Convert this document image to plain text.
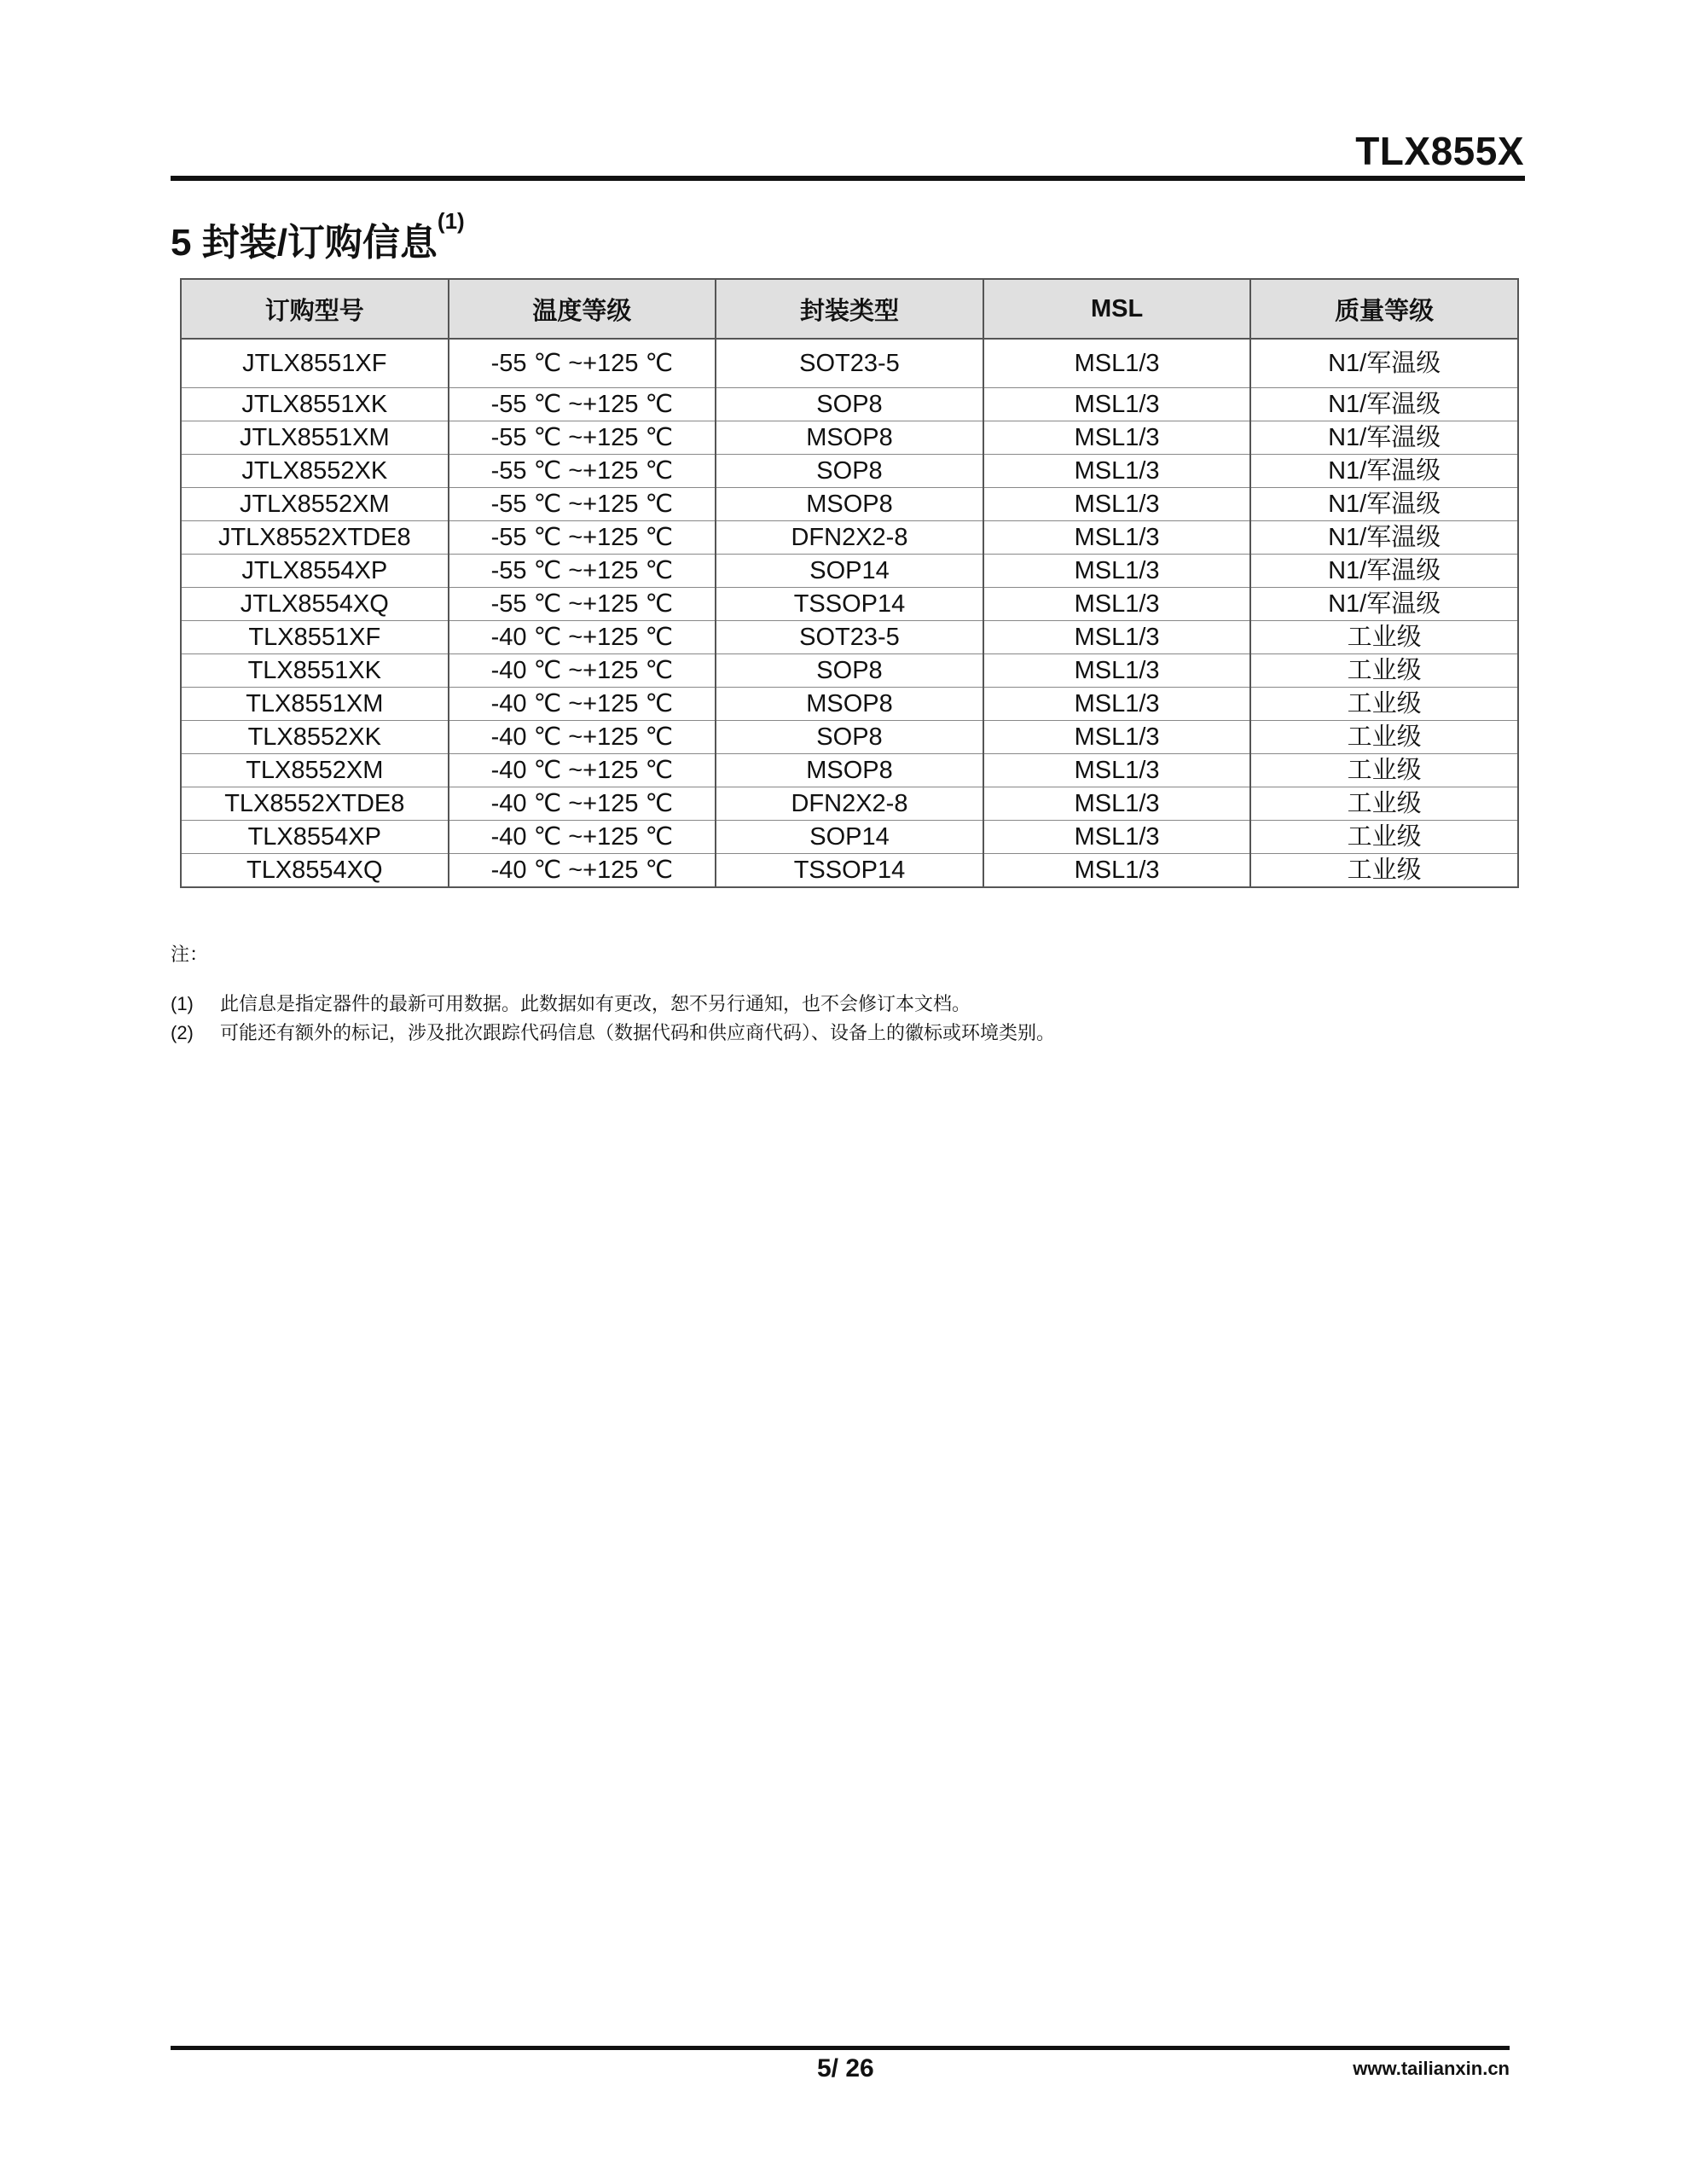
TLX855X
5 封装/订购信息$^{(1)}$
订购型号	温度等级	封装类型	MSL	质量等级
JTLX8551XF	-55 ℃ ~+125 ℃	SOT23-5	MSL1/3	N1/军温级
JTLX8551XK	-55 ℃ ~+125 ℃	SOP8	MSL1/3	N1/军温级
JTLX8551XM	-55 ℃ ~+125 ℃	MSOP8	MSL1/3	N1/军温级
JTLX8552XK	-55 ℃ ~+125 ℃	SOP8	MSL1/3	N1/军温级
JTLX8552XM	-55 ℃ ~+125 ℃	MSOP8	MSL1/3	N1/军温级
JTLX8552XTDE8	-55 ℃ ~+125 ℃	DFN2X2-8	MSL1/3	N1/军温级
JTLX8554XP	-55 ℃ ~+125 ℃	SOP14	MSL1/3	N1/军温级
JTLX8554XQ	-55 ℃ ~+125 ℃	TSSOP14	MSL1/3	N1/军温级
TLX8551XF	-40 ℃ ~+125 ℃	SOT23-5	MSL1/3	工业级
TLX8551XK	-40 ℃ ~+125 ℃	SOP8	MSL1/3	工业级
TLX8551XM	-40 ℃ ~+125 ℃	MSOP8	MSL1/3	工业级
TLX8552XK	-40 ℃ ~+125 ℃	SOP8	MSL1/3	工业级
TLX8552XM	-40 ℃ ~+125 ℃	MSOP8	MSL1/3	工业级
TLX8552XTDE8	-40 ℃ ~+125 ℃	DFN2X2-8	MSL1/3	工业级
TLX8554XP	-40 ℃ ~+125 ℃	SOP14	MSL1/3	工业级
TLX8554XQ	-40 ℃ ~+125 ℃	TSSOP14	MSL1/3	工业级
注：
(1)	此信息是指定器件的最新可用数据。此数据如有更改，恕不另行通知，也不会修订本文档。
(2)	可能还有额外的标记，涉及批次跟踪代码信息（数据代码和供应商代码）、设备上的徽标或环境类别。
5/ 26	www.tailianxin.cn
